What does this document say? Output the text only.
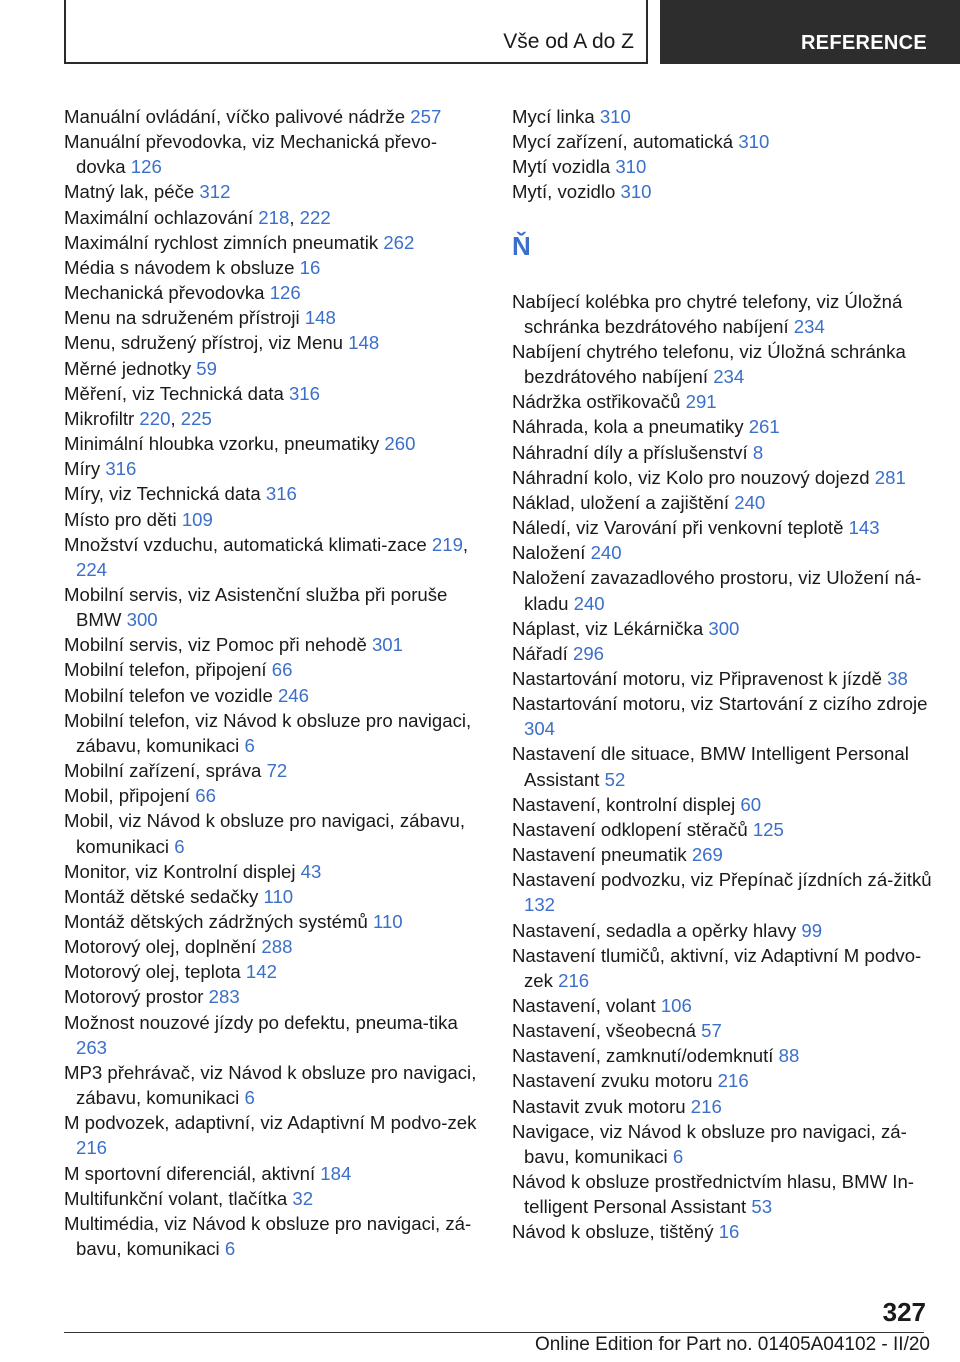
Vše od A do Z	REFERENCE

Manuální ovládání, víčko palivové nádrže 257

Manuální převodovka, viz Mechanická převo-dovka 126

Matný lak, péče 312

Maximální ochlazování 218, 222

Maximální rychlost zimních pneumatik 262

Média s návodem k obsluze 16

Mechanická převodovka 126

Menu na sdruženém přístroji 148

Menu, sdružený přístroj, viz Menu 148

Měrné jednotky 59

Měření, viz Technická data 316

Mikrofiltr 220, 225

Minimální hloubka vzorku, pneumatiky 260

Míry 316

Míry, viz Technická data 316

Místo pro děti 109

Množství vzduchu, automatická klimati-zace 219, 224

Mobilní servis, viz Asistenční služba při poruše BMW 300

Mobilní servis, viz Pomoc při nehodě 301

Mobilní telefon, připojení 66

Mobilní telefon ve vozidle 246

Mobilní telefon, viz Návod k obsluze pro navigaci, zábavu, komunikaci 6

Mobilní zařízení, správa 72

Mobil, připojení 66

Mobil, viz Návod k obsluze pro navigaci, zábavu, komunikaci 6

Monitor, viz Kontrolní displej 43

Montáž dětské sedačky 110

Montáž dětských zádržných systémů 110

Motorový olej, doplnění 288

Motorový olej, teplota 142

Motorový prostor 283

Možnost nouzové jízdy po defektu, pneuma-tika 263

MP3 přehrávač, viz Návod k obsluze pro navigaci, zábavu, komunikaci 6

M podvozek, adaptivní, viz Adaptivní M podvo-zek 216

M sportovní diferenciál, aktivní 184

Multifunkční volant, tlačítka 32

Multimédia, viz Návod k obsluze pro navigaci, zá-bavu, komunikaci 6

Mycí linka 310

Mycí zařízení, automatická 310

Mytí vozidla 310

Mytí, vozidlo 310

Ň

Nabíjecí kolébka pro chytré telefony, viz Úložná schránka bezdrátového nabíjení 234

Nabíjení chytrého telefonu, viz Úložná schránka bezdrátového nabíjení 234

Nádržka ostřikovačů 291

Náhrada, kola a pneumatiky 261

Náhradní díly a příslušenství 8

Náhradní kolo, viz Kolo pro nouzový dojezd 281

Náklad, uložení a zajištění 240

Náledí, viz Varování při venkovní teplotě 143

Naložení 240

Naložení zavazadlového prostoru, viz Uložení ná-kladu 240

Náplast, viz Lékárnička 300

Nářadí 296

Nastartování motoru, viz Připravenost k jízdě 38

Nastartování motoru, viz Startování z cizího zdroje 304

Nastavení dle situace, BMW Intelligent Personal Assistant 52

Nastavení, kontrolní displej 60

Nastavení odklopení stěračů 125

Nastavení pneumatik 269

Nastavení podvozku, viz Přepínač jízdních zá-žitků 132

Nastavení, sedadla a opěrky hlavy 99

Nastavení tlumičů, aktivní, viz Adaptivní M podvo-zek 216

Nastavení, volant 106

Nastavení, všeobecná 57

Nastavení, zamknutí/odemknutí 88

Nastavení zvuku motoru 216

Nastavit zvuk motoru 216

Navigace, viz Návod k obsluze pro navigaci, zá-bavu, komunikaci 6

Návod k obsluze prostřednictvím hlasu, BMW In-telligent Personal Assistant 53

Návod k obsluze, tištěný 16

327
Online Edition for Part no. 01405A04102 - II/20
